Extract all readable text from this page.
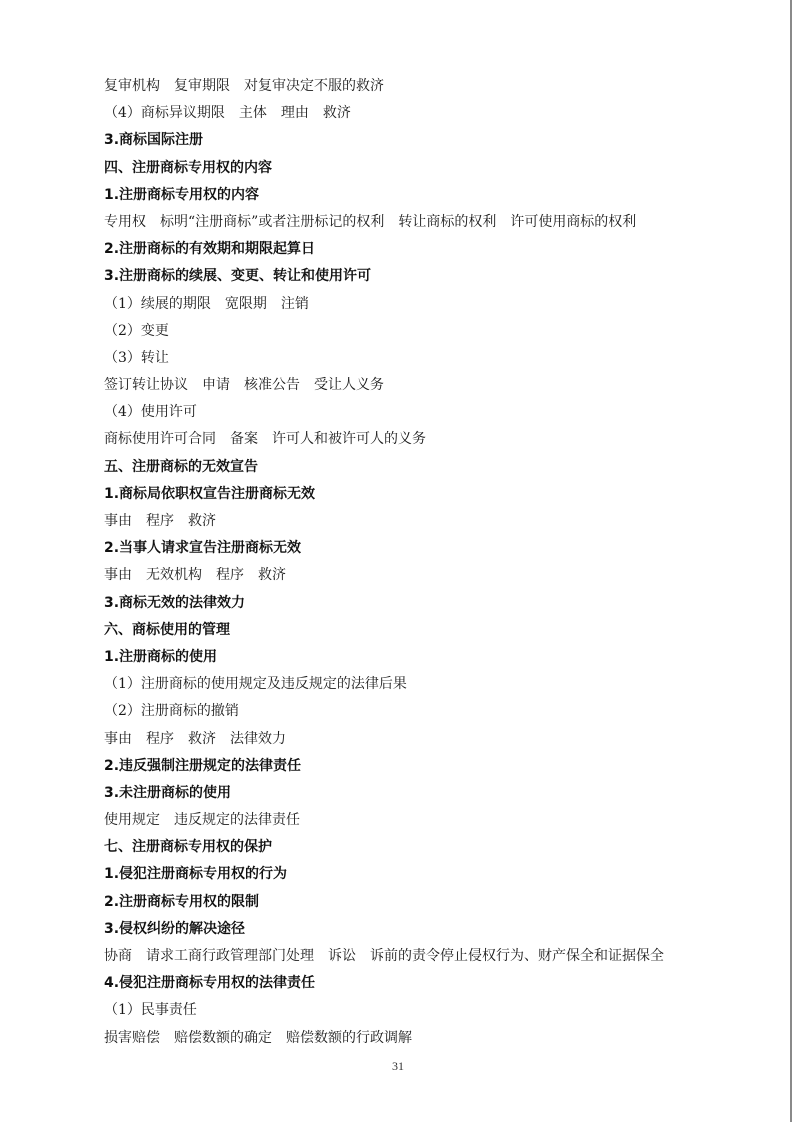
复审机构　复审期限　对复审决定不服的救济
（4）商标异议期限　主体　理由　救济
3.商标国际注册
四、注册商标专用权的内容
1.注册商标专用权的内容
专用权　标明“注册商标”或者注册标记的权利　转让商标的权利　许可使用商标的权利
2.注册商标的有效期和期限起算日
3.注册商标的续展、变更、转让和使用许可
（1）续展的期限　宽限期　注销
（2）变更
（3）转让
签订转让协议　申请　核准公告　受让人义务
（4）使用许可
商标使用许可合同　备案　许可人和被许可人的义务
五、注册商标的无效宣告
1.商标局依职权宣告注册商标无效
事由　程序　救济
2.当事人请求宣告注册商标无效
事由　无效机构　程序　救济
3.商标无效的法律效力
六、商标使用的管理
1.注册商标的使用
（1）注册商标的使用规定及违反规定的法律后果
（2）注册商标的撤销
事由　程序　救济　法律效力
2.违反强制注册规定的法律责任
3.未注册商标的使用
使用规定　违反规定的法律责任
七、注册商标专用权的保护
1.侵犯注册商标专用权的行为
2.注册商标专用权的限制
3.侵权纠纷的解决途径
协商　请求工商行政管理部门处理　诉讼　诉前的责令停止侵权行为、财产保全和证据保全
4.侵犯注册商标专用权的法律责任
（1）民事责任
损害赔偿　赔偿数额的确定　赔偿数额的行政调解
31
